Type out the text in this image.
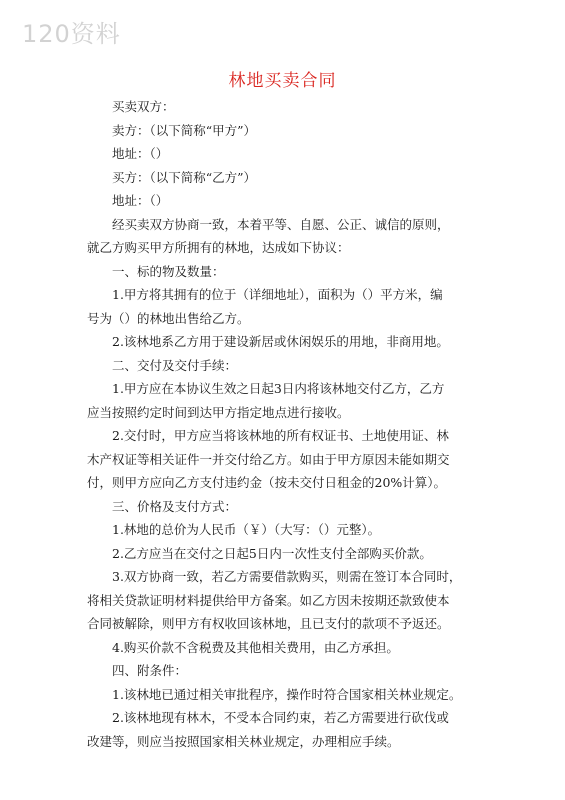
120资料
林地买卖合同
买卖双方：
卖方：（以下简称“甲方”）
地址：（）
买方：（以下简称“乙方”）
地址：（）
经买卖双方协商一致，本着平等、自愿、公正、诚信的原则，
就乙方购买甲方所拥有的林地，达成如下协议：
一、标的物及数量：
1.甲方将其拥有的位于（详细地址），面积为（）平方米，编
号为（）的林地出售给乙方。
2.该林地系乙方用于建设新居或休闲娱乐的用地，非商用地。
二、交付及交付手续：
1.甲方应在本协议生效之日起3日内将该林地交付乙方，乙方
应当按照约定时间到达甲方指定地点进行接收。
2.交付时，甲方应当将该林地的所有权证书、土地使用证、林
木产权证等相关证件一并交付给乙方。如由于甲方原因未能如期交
付，则甲方应向乙方支付违约金（按未交付日租金的20%计算）。
三、价格及支付方式：
1.林地的总价为人民币（￥）（大写：（）元整）。
2.乙方应当在交付之日起5日内一次性支付全部购买价款。
3.双方协商一致，若乙方需要借款购买，则需在签订本合同时，
将相关贷款证明材料提供给甲方备案。如乙方因未按期还款致使本
合同被解除，则甲方有权收回该林地，且已支付的款项不予返还。
4.购买价款不含税费及其他相关费用，由乙方承担。
四、附条件：
1.该林地已通过相关审批程序，操作时符合国家相关林业规定。
2.该林地现有林木，不受本合同约束，若乙方需要进行砍伐或
改建等，则应当按照国家相关林业规定，办理相应手续。
